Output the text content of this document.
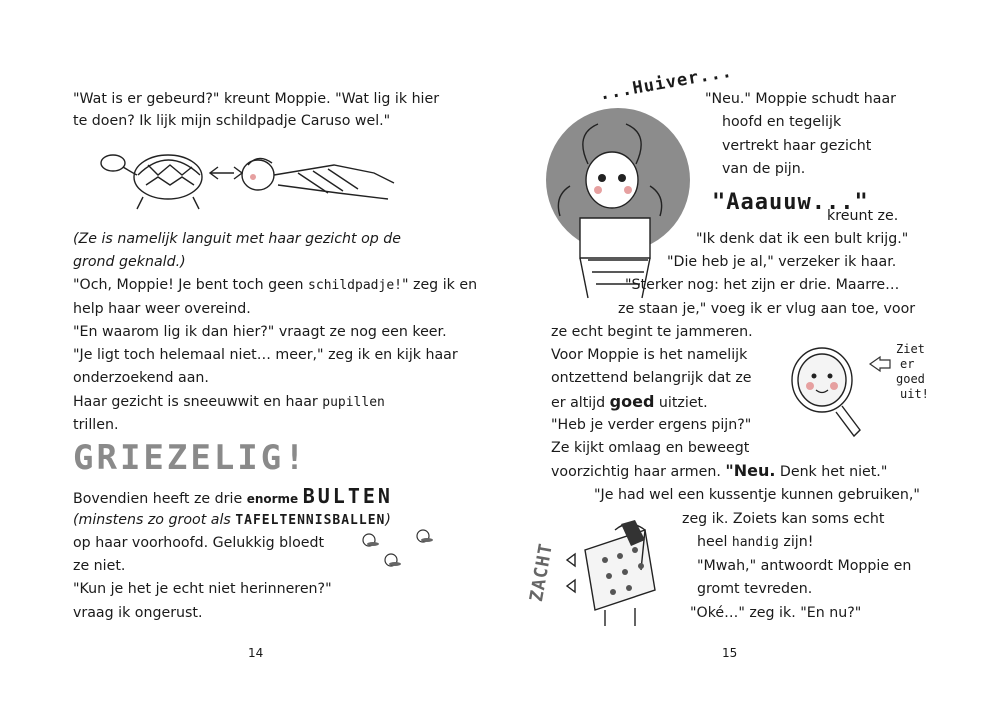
"Wat is er gebeurd?" kreunt Moppie. "Wat lig ik hier
te doen? Ik lijk mijn schildpadje Caruso wel."
(Ze is namelijk languit met haar gezicht op de
grond geknald.)
"Och, Moppie! Je bent toch geen schildpadje!" zeg ik en
help haar weer overeind.
"En waarom lig ik dan hier?" vraagt ze nog een keer.
"Je ligt toch helemaal niet… meer," zeg ik en kijk haar
onderzoekend aan.
Haar gezicht is sneeuwwit en haar pupillen
trillen.
GRIEZELIG!
Bovendien heeft ze drie enorme BULTEN
(minstens zo groot als TAFELTENNISBALLEN)
op haar voorhoofd. Gelukkig bloedt
ze niet.
"Kun je het je echt niet herinneren?"
vraag ik ongerust.
14
...Huiver...
"Neu." Moppie schudt haar
hoofd en tegelijk
vertrekt haar gezicht
van de pijn.
"Aaauuw..."
kreunt ze.
"Ik denk dat ik een bult krijg."
"Die heb je al," verzeker ik haar.
"Sterker nog: het zijn er drie. Maarre…
ze staan je," voeg ik er vlug aan toe, voor
ze echt begint te jammeren.
Voor Moppie is het namelijk
ontzettend belangrijk dat ze
er altijd goed uitziet.
"Heb je verder ergens pijn?"
Ze kijkt omlaag en beweegt
voorzichtig haar armen. "Neu. Denk het niet."
"Je had wel een kussentje kunnen gebruiken,"
zeg ik. Zoiets kan soms echt
heel handig zijn!
"Mwah," antwoordt Moppie en
gromt tevreden.
"Oké…" zeg ik. "En nu?"
Ziet
er
goed
uit!
ZACHT
15
